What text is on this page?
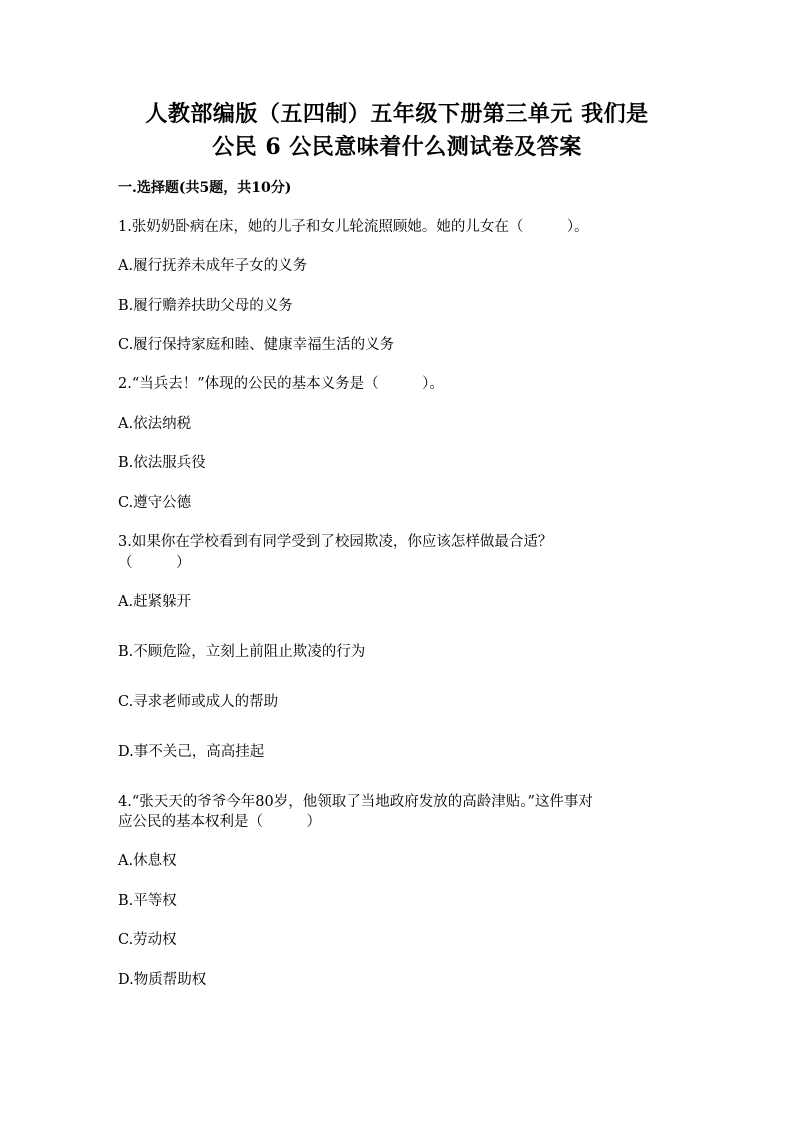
人教部编版（五四制）五年级下册第三单元 我们是
公民 6 公民意味着什么测试卷及答案
一.选择题(共5题，共10分)
1.张奶奶卧病在床，她的儿子和女儿轮流照顾她。她的儿女在（　　　）。
A.履行抚养未成年子女的义务
B.履行赡养扶助父母的义务
C.履行保持家庭和睦、健康幸福生活的义务
2.“当兵去！”体现的公民的基本义务是（　　　）。
A.依法纳税
B.依法服兵役
C.遵守公德
3.如果你在学校看到有同学受到了校园欺凌，你应该怎样做最合适？
（　　　）
A.赶紧躲开
B.不顾危险，立刻上前阻止欺凌的行为
C.寻求老师或成人的帮助
D.事不关己，高高挂起
4.“张天天的爷爷今年80岁，他领取了当地政府发放的高龄津贴。”这件事对
应公民的基本权利是（　　　）
A.休息权
B.平等权
C.劳动权
D.物质帮助权
